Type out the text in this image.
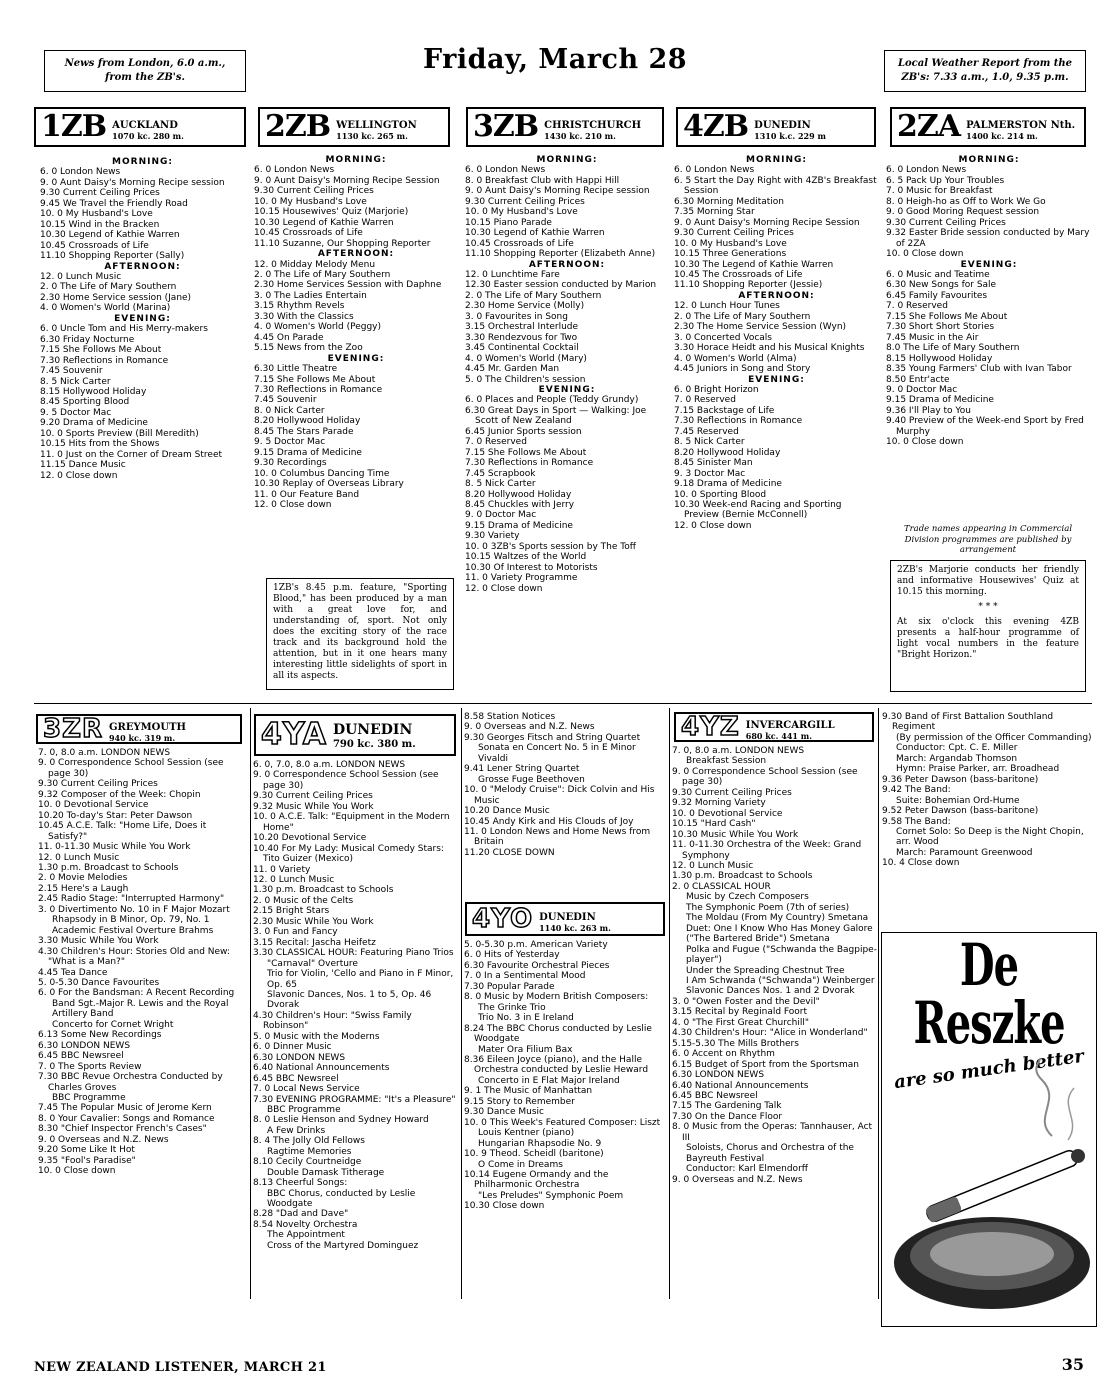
News from London, 6.0 a.m.,
from the ZB's.
Friday, March 28	Local Weather Report from the
ZB's: 7.33 a.m., 1.0, 9.35 p.m.
1ZB AUCKLAND
1070 kc. 280 m.	2ZB WELLINGTON
1130 kc. 265 m. 3ZB CHRISTCHURCH
1430 kc. 210 m.	4ZB DUNEDIN
1310 k.c. 229 m 2ZA PALMERSTON Nth.
1400 kc. 214 m.

MORNING:

6. 0 London News

9. 0 Aunt Daisy's Morning Recipe session

9.30 Current Ceiling Prices

9.45 We Travel the Friendly Road

10. 0 My Husband's Love

10.15 Wind in the Bracken

10.30 Legend of Kathie Warren

10.45 Crossroads of Life

11.10 Shopping Reporter (Sally)

AFTERNOON:

12. 0 Lunch Music

2. 0 The Life of Mary Southern

2.30 Home Service session (Jane)

4. 0 Women's World (Marina)

EVENING:

6. 0 Uncle Tom and His Merry-makers

6.30 Friday Nocturne

7.15 She Follows Me About

7.30 Reflections in Romance

7.45 Souvenir

8. 5 Nick Carter

8.15 Hollywood Holiday

8.45 Sporting Blood

9. 5 Doctor Mac

9.20 Drama of Medicine

10. 0 Sports Preview (Bill Meredith)

10.15 Hits from the Shows

11. 0 Just on the Corner of Dream Street

11.15 Dance Music

12. 0 Close down

MORNING:

6. 0 London News

9. 0 Aunt Daisy's Morning Recipe Session

9.30 Current Ceiling Prices

10. 0 My Husband's Love

10.15 Housewives' Quiz (Marjorie)

10.30 Legend of Kathie Warren

10.45 Crossroads of Life

11.10 Suzanne, Our Shopping Reporter

AFTERNOON:

12. 0 Midday Melody Menu

2. 0 The Life of Mary Southern

2.30 Home Services Session with Daphne

3. 0 The Ladies Entertain

3.15 Rhythm Revels

3.30 With the Classics

4. 0 Women's World (Peggy)

4.45 On Parade

5.15 News from the Zoo

EVENING:

6.30 Little Theatre

7.15 She Follows Me About

7.30 Reflections in Romance

7.45 Souvenir

8. 0 Nick Carter

8.20 Hollywood Holiday

8.45 The Stars Parade

9. 5 Doctor Mac

9.15 Drama of Medicine

9.30 Recordings

10. 0 Columbus Dancing Time

10.30 Replay of Overseas Library

11. 0 Our Feature Band

12. 0 Close down

MORNING:

6. 0 London News

8. 0 Breakfast Club with Happi Hill

9. 0 Aunt Daisy's Morning Recipe session

9.30 Current Ceiling Prices

10. 0 My Husband's Love

10.15 Piano Parade

10.30 Legend of Kathie Warren

10.45 Crossroads of Life

11.10 Shopping Reporter (Elizabeth Anne)

AFTERNOON:

12. 0 Lunchtime Fare

12.30 Easter session conducted by Marion

2. 0 The Life of Mary Southern

2.30 Home Service (Molly)

3. 0 Favourites in Song

3.15 Orchestral Interlude

3.30 Rendezvous for Two

3.45 Continental Cocktail

4. 0 Women's World (Mary)

4.45 Mr. Garden Man

5. 0 The Children's session

EVENING:

6. 0 Places and People (Teddy Grundy)

6.30 Great Days in Sport — Walking: Joe Scott of New Zealand

6.45 Junior Sports session

7. 0 Reserved

7.15 She Follows Me About

7.30 Reflections in Romance

7.45 Scrapbook

8. 5 Nick Carter

8.20 Hollywood Holiday

8.45 Chuckles with Jerry

9. 0 Doctor Mac

9.15 Drama of Medicine

9.30 Variety

10. 0 3ZB's Sports session by The Toff

10.15 Waltzes of the World

10.30 Of Interest to Motorists

11. 0 Variety Programme

12. 0 Close down

MORNING:

6. 0 London News

6. 5 Start the Day Right with 4ZB's Breakfast Session

6.30 Morning Meditation

7.35 Morning Star

9. 0 Aunt Daisy's Morning Recipe Session

9.30 Current Ceiling Prices

10. 0 My Husband's Love

10.15 Three Generations

10.30 The Legend of Kathie Warren

10.45 The Crossroads of Life

11.10 Shopping Reporter (Jessie)

AFTERNOON:

12. 0 Lunch Hour Tunes

2. 0 The Life of Mary Southern

2.30 The Home Service Session (Wyn)

3. 0 Concerted Vocals

3.30 Horace Heidt and his Musical Knights

4. 0 Women's World (Alma)

4.45 Juniors in Song and Story

EVENING:

6. 0 Bright Horizon

7. 0 Reserved

7.15 Backstage of Life

7.30 Reflections in Romance

7.45 Reserved

8. 5 Nick Carter

8.20 Hollywood Holiday

8.45 Sinister Man

9. 3 Doctor Mac

9.18 Drama of Medicine

10. 0 Sporting Blood

10.30 Week-end Racing and Sporting Preview (Bernie McConnell)

12. 0 Close down

MORNING:

6. 0 London News

6. 5 Pack Up Your Troubles

7. 0 Music for Breakfast

8. 0 Heigh-ho as Off to Work We Go

9. 0 Good Moring Request session

9.30 Current Ceiling Prices

9.32 Easter Bride session conducted by Mary of 2ZA

10. 0 Close down

EVENING:

6. 0 Music and Teatime

6.30 New Songs for Sale

6.45 Family Favourites

7. 0 Reserved

7.15 She Follows Me About

7.30 Short Short Stories

7.45 Music in the Air

8.0 The Life of Mary Southern

8.15 Hollywood Holiday

8.35 Young Farmers' Club with Ivan Tabor

8.50 Entr'acte

9. 0 Doctor Mac

9.15 Drama of Medicine

9.36 I'll Play to You

9.40 Preview of the Week-end Sport by Fred Murphy

10. 0 Close down

1ZB's 8.45 p.m. feature, "Sporting Blood," has been produced by a man with a great love for, and understanding of, sport. Not only does the exciting story of the race track and its background hold the attention, but in it one hears many interesting little sidelights of sport in all its aspects.
Trade names appearing in Commercial Division programmes are published by arrangement

2ZB's Marjorie conducts her friendly and informative Housewives' Quiz at 10.15 this morning.

* * *

At six o'clock this evening 4ZB presents a half-hour programme of light vocal numbers in the feature "Bright Horizon."

3ZR GREYMOUTH
940 kc. 319 m.	4YA DUNEDIN
790 kc. 380 m.
4YO DUNEDIN
1140 kc. 263 m.
4YZ INVERCARGILL
680 kc. 441 m.

7. 0, 8.0 a.m. LONDON NEWS

9. 0 Correspondence School Session (see page 30)

9.30 Current Ceiling Prices

9.32 Composer of the Week: Chopin

10. 0 Devotional Service

10.20 To-day's Star: Peter Dawson

10.45 A.C.E. Talk: "Home Life, Does it Satisfy?"

11. 0-11.30 Music While You Work

12. 0 Lunch Music

1.30 p.m. Broadcast to Schools

2. 0 Movie Melodies

2.15 Here's a Laugh

2.45 Radio Stage: "Interrupted Harmony"

3. 0 Divertimento No. 10 in F Major Mozart

Rhapsody in B Minor, Op. 79, No. 1

Academic Festival Overture Brahms

3.30 Music While You Work

4.30 Children's Hour: Stories Old and New: "What is a Man?"

4.45 Tea Dance

5. 0-5.30 Dance Favourites

6. 0 For the Bandsman: A Recent Recording

Band Sgt.-Major R. Lewis and the Royal Artillery Band

Concerto for Cornet Wright

6.13 Some New Recordings

6.30 LONDON NEWS

6.45 BBC Newsreel

7. 0 The Sports Review

7.30 BBC Revue Orchestra Conducted by Charles Groves

BBC Programme

7.45 The Popular Music of Jerome Kern

8. 0 Your Cavalier: Songs and Romance

8.30 "Chief Inspector French's Cases"

9. 0 Overseas and N.Z. News

9.20 Some Like It Hot

9.35 "Fool's Paradise"

10. 0 Close down

6. 0, 7.0, 8.0 a.m. LONDON NEWS

9. 0 Correspondence School Session (see page 30)

9.30 Current Ceiling Prices

9.32 Music While You Work

10. 0 A.C.E. Talk: "Equipment in the Modern Home"

10.20 Devotional Service

10.40 For My Lady: Musical Comedy Stars: Tito Guizer (Mexico)

11. 0 Variety

12. 0 Lunch Music

1.30 p.m. Broadcast to Schools

2. 0 Music of the Celts

2.15 Bright Stars

2.30 Music While You Work

3. 0 Fun and Fancy

3.15 Recital: Jascha Heifetz

3.30 CLASSICAL HOUR: Featuring Piano Trios

"Carnaval" Overture

Trio for Violin, 'Cello and Piano in F Minor, Op. 65

Slavonic Dances, Nos. 1 to 5, Op. 46 Dvorak

4.30 Children's Hour: "Swiss Family Robinson"

5. 0 Music with the Moderns

6. 0 Dinner Music

6.30 LONDON NEWS

6.40 National Announcements

6.45 BBC Newsreel

7. 0 Local News Service

7.30 EVENING PROGRAMME: "It's a Pleasure"

BBC Programme

8. 0 Leslie Henson and Sydney Howard

A Few Drinks

8. 4 The Jolly Old Fellows

Ragtime Memories

8.10 Cecily Courtneidge

Double Damask Titherage

8.13 Cheerful Songs:

BBC Chorus, conducted by Leslie Woodgate

8.28 "Dad and Dave"

8.54 Novelty Orchestra

The Appointment

Cross of the Martyred Dominguez

8.58 Station Notices

9. 0 Overseas and N.Z. News

9.30 Georges Fitsch and String Quartet

Sonata en Concert No. 5 in E Minor Vivaldi

9.41 Lener String Quartet

Grosse Fuge Beethoven

10. 0 "Melody Cruise": Dick Colvin and His Music

10.20 Dance Music

10.45 Andy Kirk and His Clouds of Joy

11. 0 London News and Home News from Britain

11.20 CLOSE DOWN

5. 0-5.30 p.m. American Variety

6. 0 Hits of Yesterday

6.30 Favourite Orchestral Pieces

7. 0 In a Sentimental Mood

7.30 Popular Parade

8. 0 Music by Modern British Composers:

The Grinke Trio

Trio No. 3 in E Ireland

8.24 The BBC Chorus conducted by Leslie Woodgate

Mater Ora Filium Bax

8.36 Eileen Joyce (piano), and the Halle Orchestra conducted by Leslie Heward

Concerto in E Flat Major Ireland

9. 1 The Music of Manhattan

9.15 Story to Remember

9.30 Dance Music

10. 0 This Week's Featured Composer: Liszt

Louis Kentner (piano)

Hungarian Rhapsodie No. 9

10. 9 Theod. Scheidl (baritone)

O Come in Dreams

10.14 Eugene Ormandy and the Philharmonic Orchestra

"Les Preludes" Symphonic Poem

10.30 Close down

7. 0, 8.0 a.m. LONDON NEWS

Breakfast Session

9. 0 Correspondence School Session (see page 30)

9.30 Current Ceiling Prices

9.32 Morning Variety

10. 0 Devotional Service

10.15 "Hard Cash"

10.30 Music While You Work

11. 0-11.30 Orchestra of the Week: Grand Symphony

12. 0 Lunch Music

1.30 p.m. Broadcast to Schools

2. 0 CLASSICAL HOUR

Music by Czech Composers

The Symphonic Poem (7th of series)

The Moldau (From My Country) Smetana

Duet: One I Know Who Has Money Galore ("The Bartered Bride") Smetana

Polka and Fugue ("Schwanda the Bagpipe-player")

Under the Spreading Chestnut Tree

I Am Schwanda ("Schwanda") Weinberger

Slavonic Dances Nos. 1 and 2 Dvorak

3. 0 "Owen Foster and the Devil"

3.15 Recital by Reginald Foort

4. 0 "The First Great Churchill"

4.30 Children's Hour: "Alice in Wonderland"

5.15-5.30 The Mills Brothers

6. 0 Accent on Rhythm

6.15 Budget of Sport from the Sportsman

6.30 LONDON NEWS

6.40 National Announcements

6.45 BBC Newsreel

7.15 The Gardening Talk

7.30 On the Dance Floor

8. 0 Music from the Operas: Tannhauser, Act III

Soloists, Chorus and Orchestra of the Bayreuth Festival

Conductor: Karl Elmendorff

9. 0 Overseas and N.Z. News

9.30 Band of First Battalion Southland Regiment

(By permission of the Officer Commanding)

Conductor: Cpt. C. E. Miller

March: Argandab Thomson

Hymn: Praise Parker, arr. Broadhead

9.36 Peter Dawson (bass-baritone)

9.42 The Band:

Suite: Bohemian Ord-Hume

9.52 Peter Dawson (bass-baritone)

9.58 The Band:

Cornet Solo: So Deep is the Night Chopin, arr. Wood

March: Paramount Greenwood

10. 4 Close down

De Reszke
are so much better
NEW ZEALAND LISTENER, MARCH 21	35
